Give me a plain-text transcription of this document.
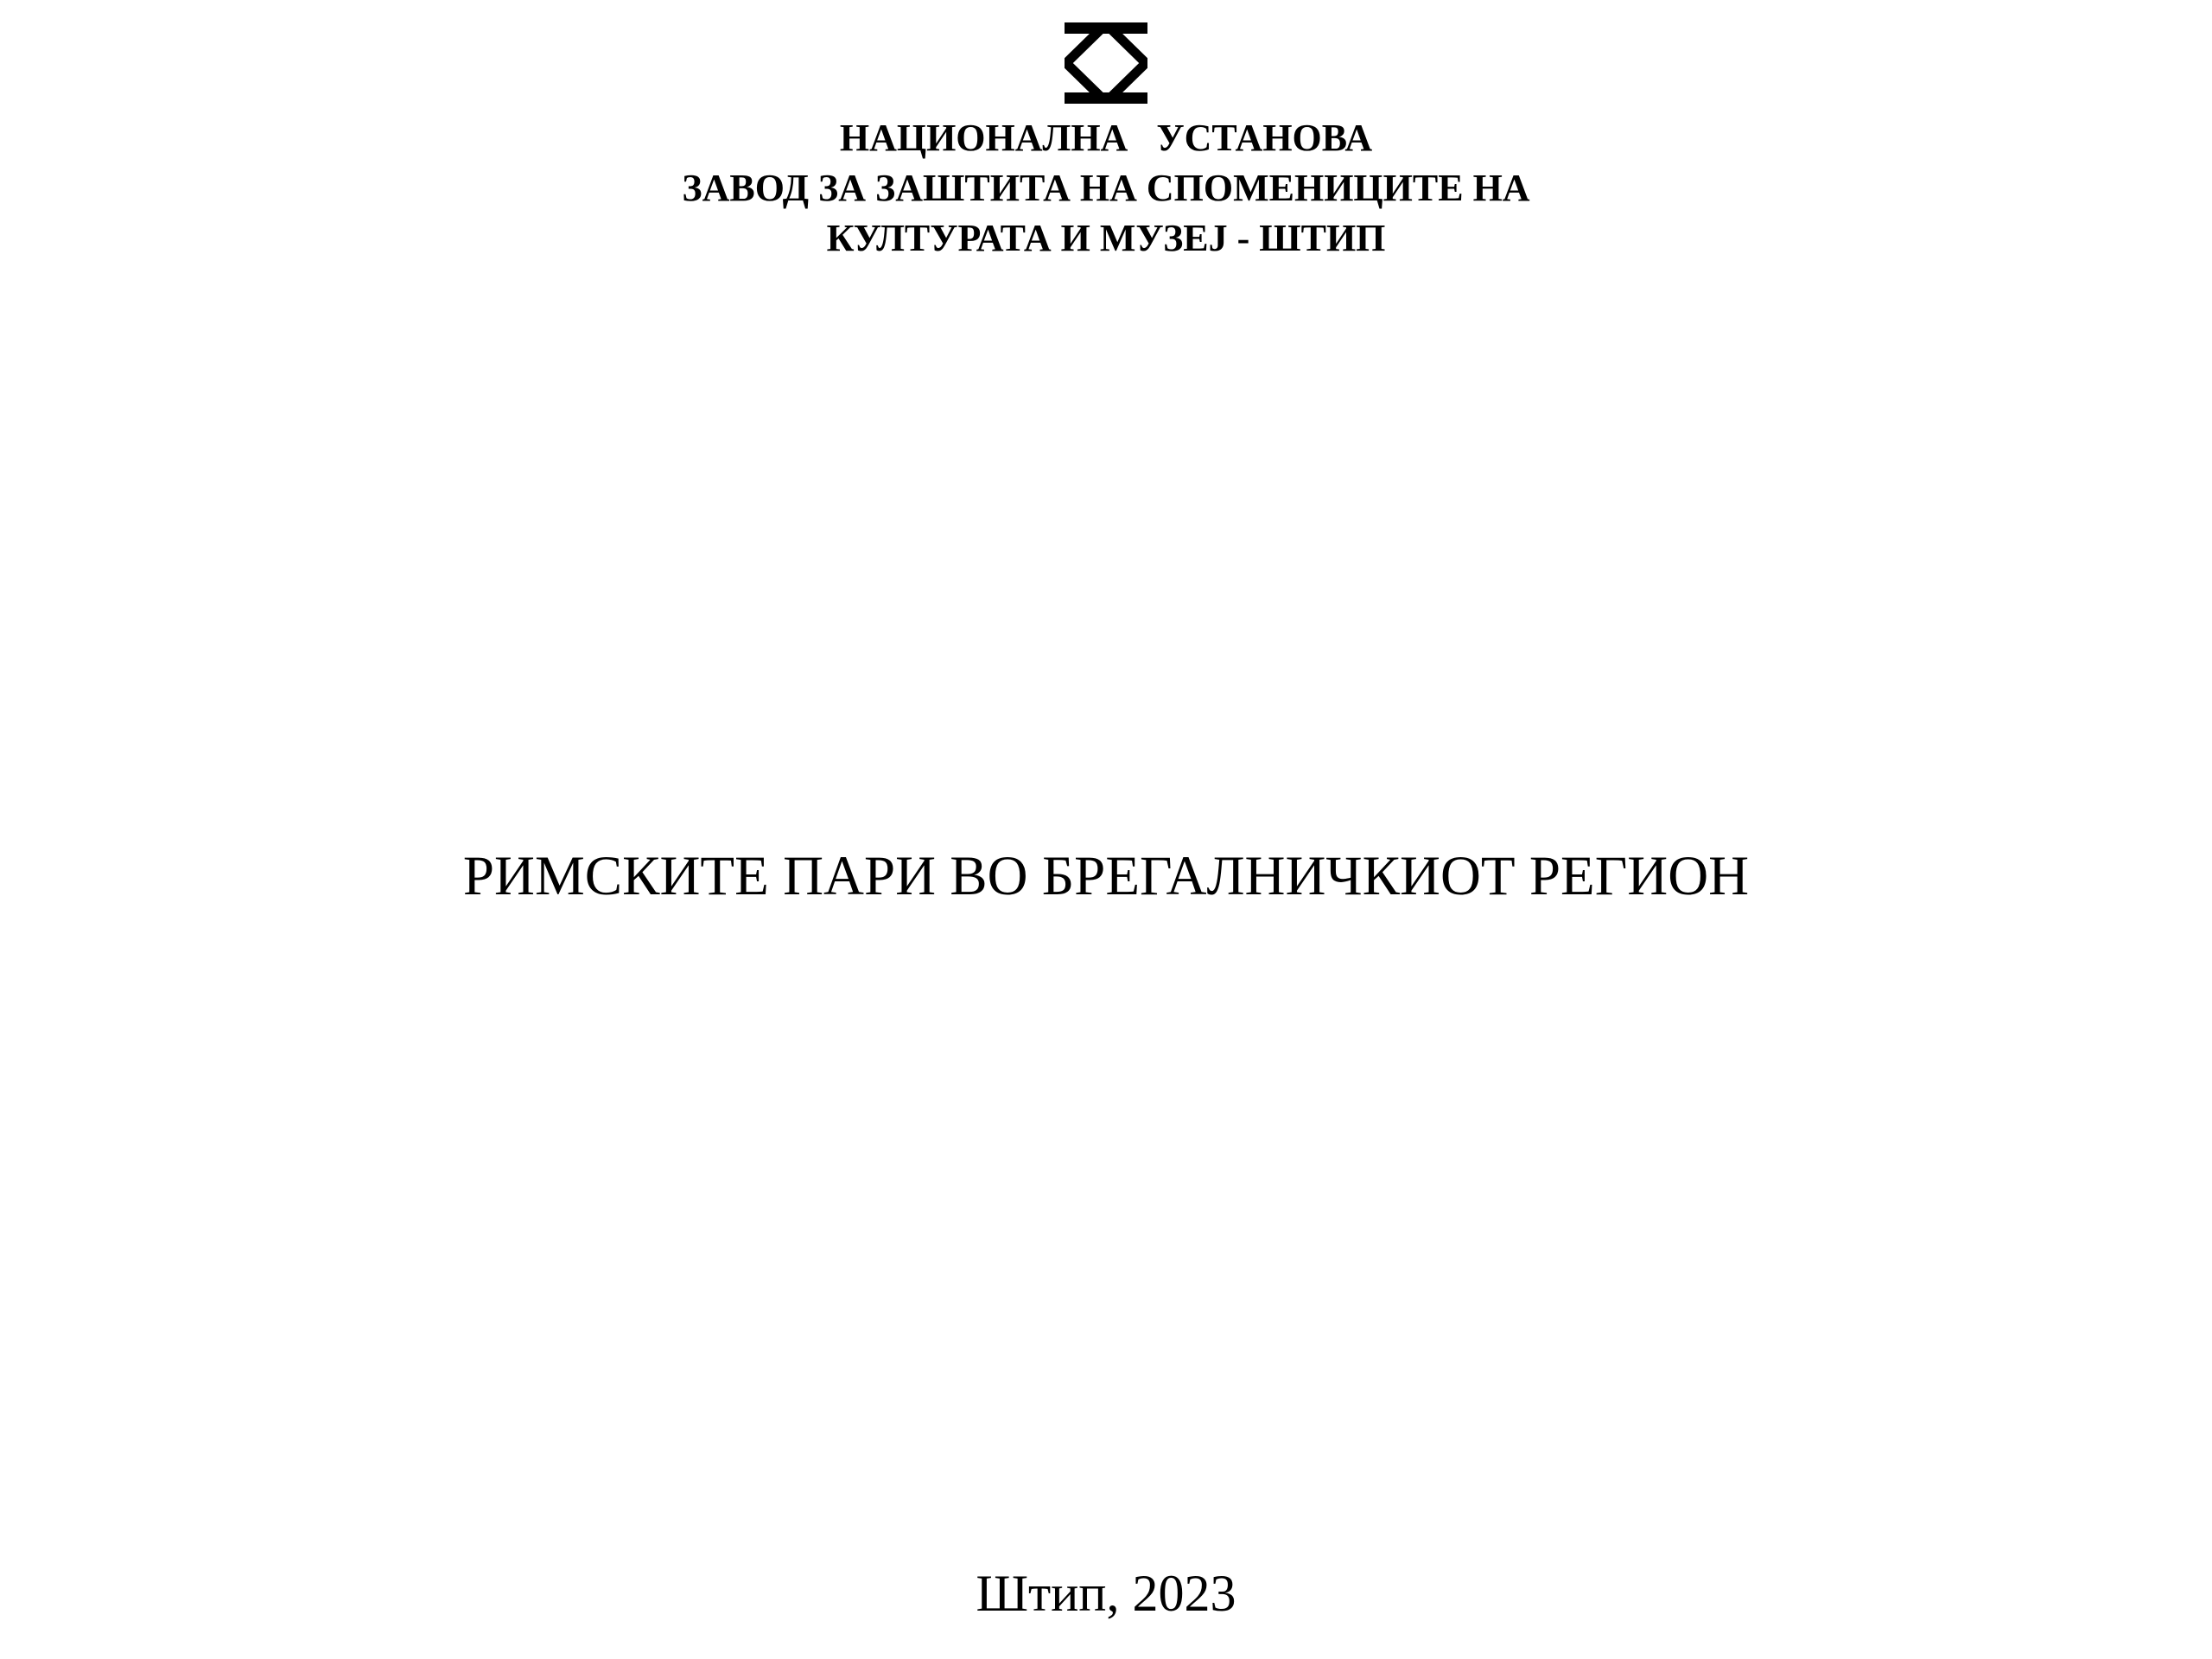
НАЦИОНАЛНА   УСТАНОВА
ЗАВОД ЗА ЗАШТИТА НА СПОМЕНИЦИТЕ НА
КУЛТУРАТА И МУЗЕЈ - ШТИП
РИМСКИТЕ ПАРИ ВО БРЕГАЛНИЧКИОТ РЕГИОН
Штип, 2023
